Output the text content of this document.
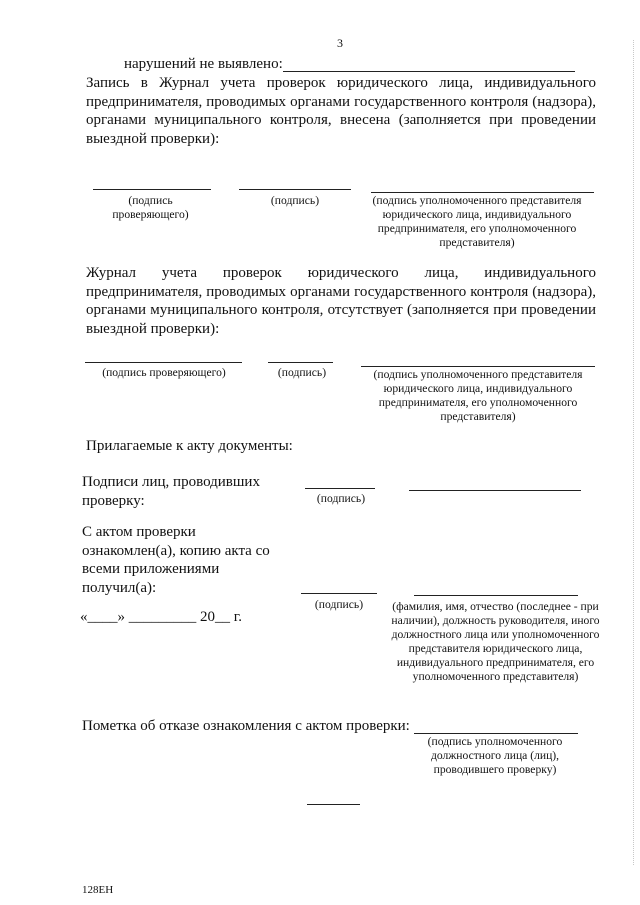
3
нарушений не выявлено:

Запись в Журнал учета проверок юридического лица, индивидуального предпринимателя, проводимых органами государственного контроля (надзора), органами муниципального контроля, внесена (заполняется при проведении выездной проверки):

(подпись проверяющего)
(подпись)	(подпись уполномоченного представителя юридического лица, индивидуального предпринимателя, его уполномоченного представителя)

Журнал учета проверок юридического лица, индивидуального предпринимателя, проводимых органами государственного контроля (надзора), органами муниципального контроля, отсутствует (заполняется при проведении выездной проверки):

(подпись проверяющего)	(подпись)	(подпись уполномоченного представителя юридического лица, индивидуального предпринимателя, его уполномоченного представителя)
Прилагаемые к акту документы:

Подписи лиц, проводивших проверку:	(подпись)

С актом проверки ознакомлен(а), копию акта со всеми приложениями получил(а):

«____» _________ 20__ г.
(подпись)	(фамилия, имя, отчество (последнее - при наличии), должность руководителя, иного должностного лица или уполномоченного представителя юридического лица, индивидуального предпринимателя, его уполномоченного представителя)
Пометка об отказе ознакомления с актом проверки:
(подпись уполномоченного должностного лица (лиц), проводившего проверку)
128ЕН
